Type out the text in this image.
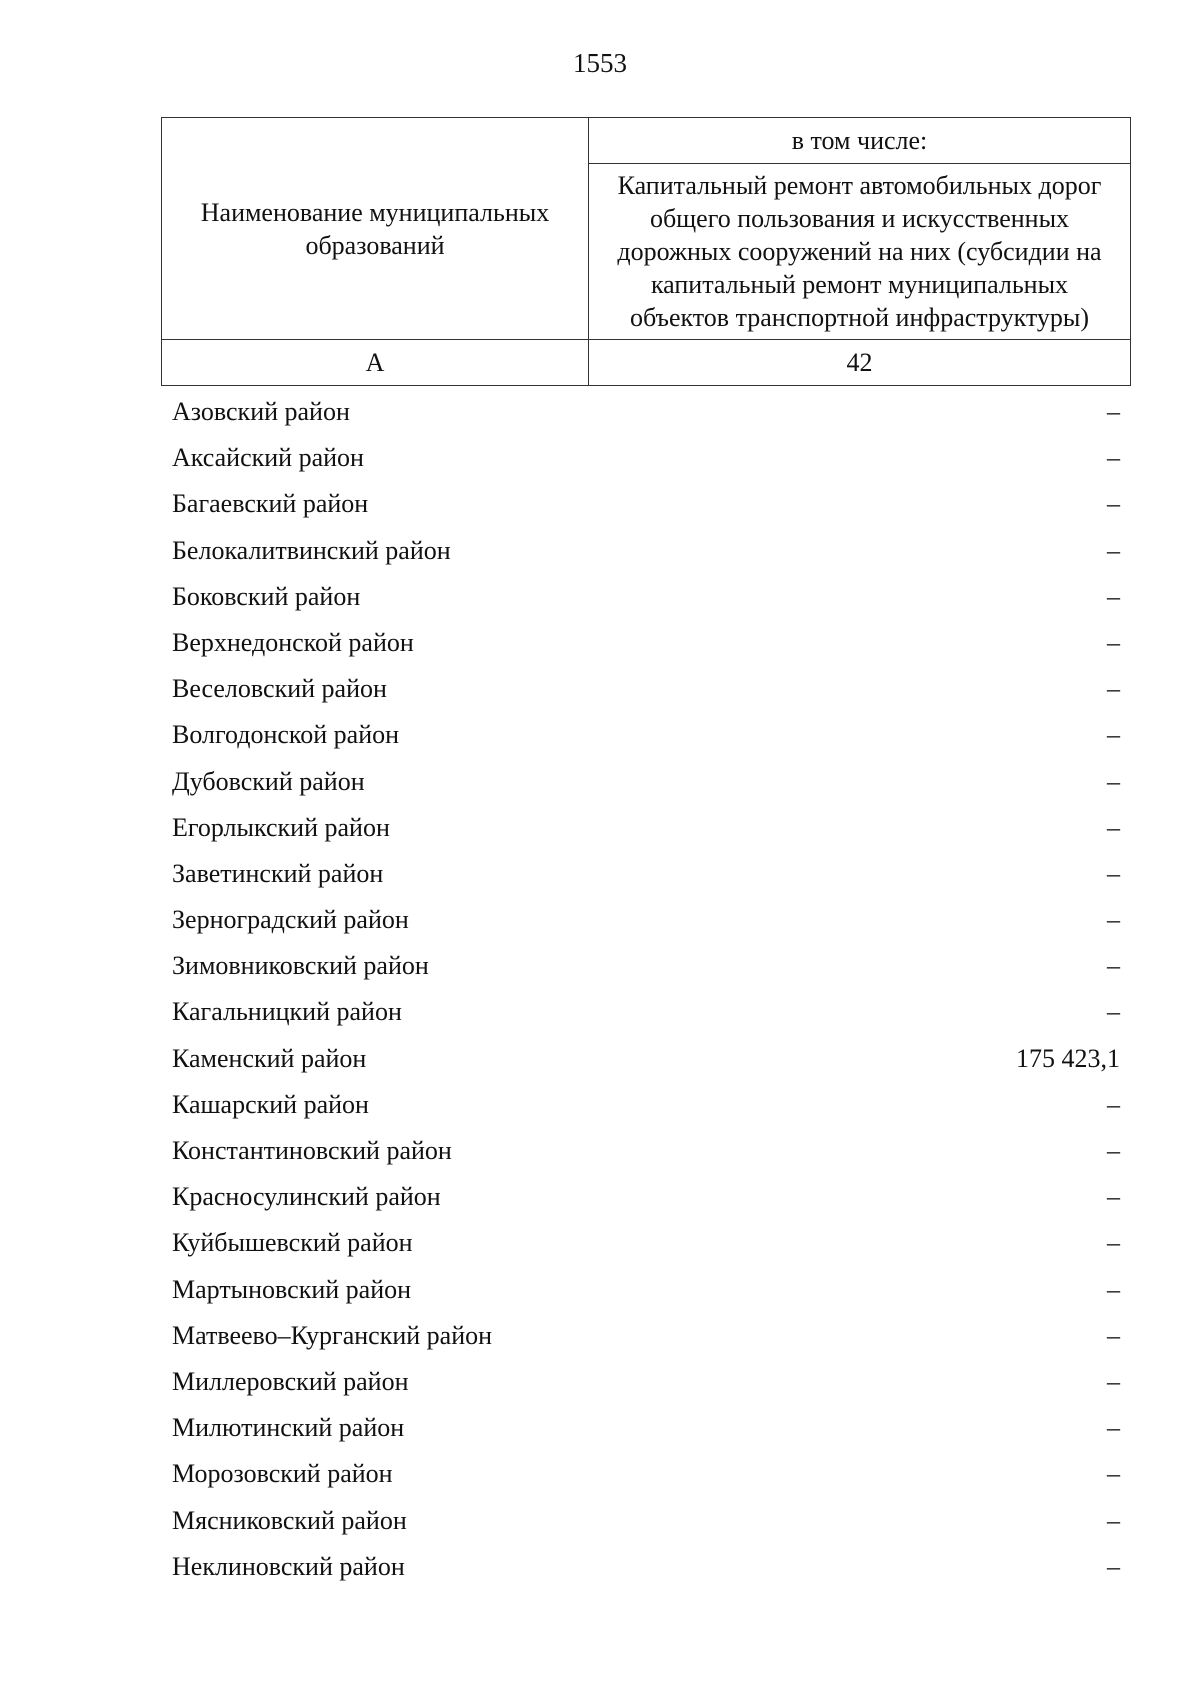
1553
Наименование муниципальных образований	в том числе:
	Капитальный ремонт автомобильных дорог общего пользования и искусственных дорожных сооружений на них (субсидии на капитальный ремонт муниципальных объектов транспортной инфраструктуры)
А	42
Азовский район	–
Аксайский район	–
Багаевский район	–
Белокалитвинский район	–
Боковский район	–
Верхнедонской район	–
Веселовский район	–
Волгодонской район	–
Дубовский район	–
Егорлыкский район	–
Заветинский район	–
Зерноградский район	–
Зимовниковский район	–
Кагальницкий район	–
Каменский район	175 423,1
Кашарский район	–
Константиновский район	–
Красносулинский район	–
Куйбышевский район	–
Мартыновский район	–
Матвеево–Курганский район	–
Миллеровский район	–
Милютинский район	–
Морозовский район	–
Мясниковский район	–
Неклиновский район	–
